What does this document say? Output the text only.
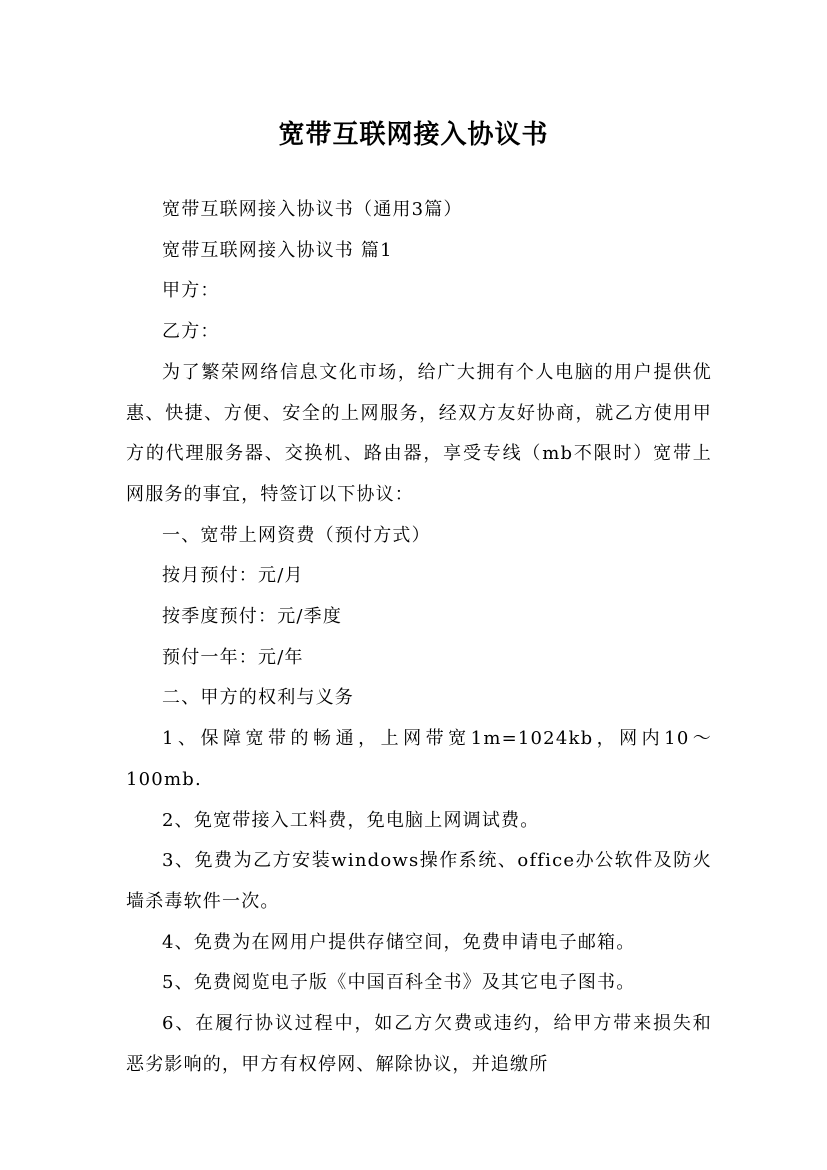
宽带互联网接入协议书

宽带互联网接入协议书（通用3篇）

宽带互联网接入协议书 篇1

甲方：

乙方：

为了繁荣网络信息文化市场，给广大拥有个人电脑的用户提供优惠、快捷、方便、安全的上网服务，经双方友好协商，就乙方使用甲方的代理服务器、交换机、路由器，享受专线（mb不限时）宽带上网服务的事宜，特签订以下协议：

一、宽带上网资费（预付方式）

按月预付：元/月

按季度预付：元/季度

预付一年：元/年

二、甲方的权利与义务

1、保障宽带的畅通，上网带宽1m=1024kb，网内10～100mb.

2、免宽带接入工料费，免电脑上网调试费。

3、免费为乙方安装windows操作系统、office办公软件及防火墙杀毒软件一次。

4、免费为在网用户提供存储空间，免费申请电子邮箱。

5、免费阅览电子版《中国百科全书》及其它电子图书。

6、在履行协议过程中，如乙方欠费或违约，给甲方带来损失和恶劣影响的，甲方有权停网、解除协议，并追缴所
